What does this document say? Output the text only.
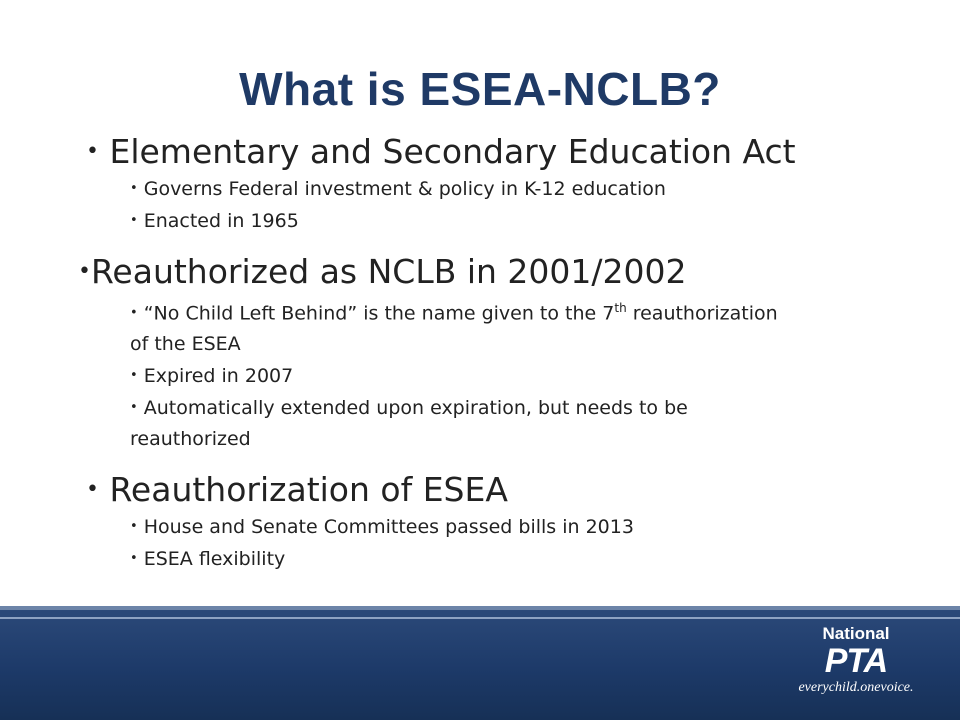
What is ESEA-NCLB?

• Elementary and Secondary Education Act

• Governs Federal investment & policy in K-12 education

• Enacted in 1965

•Reauthorized as NCLB in 2001/2002

• “No Child Left Behind” is the name given to the 7th reauthorization

of the ESEA

• Expired in 2007

• Automatically extended upon expiration, but needs to be

reauthorized

• Reauthorization of ESEA

• House and Senate Committees passed bills in 2013

• ESEA flexibility

National
PTA
everychild.onevoice.
